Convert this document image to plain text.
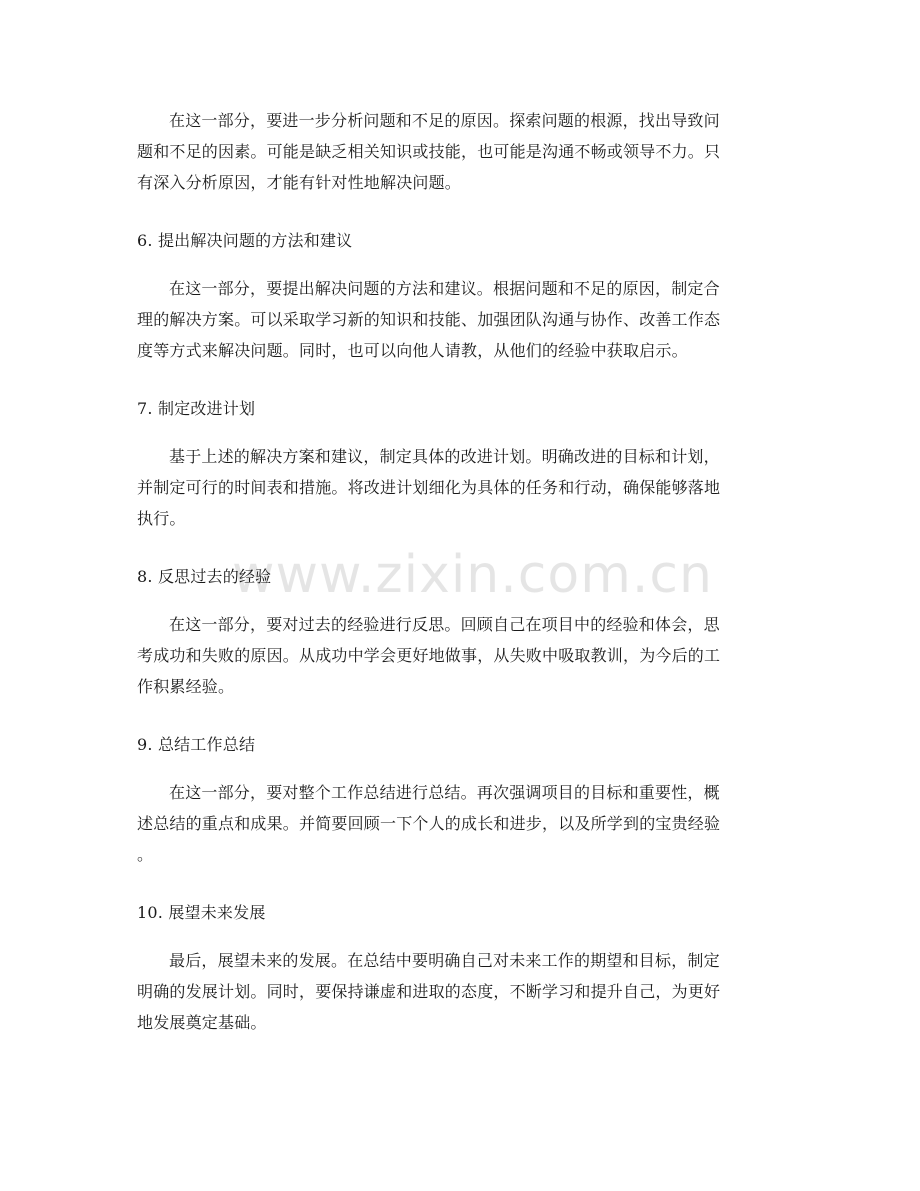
在这一部分，要进一步分析问题和不足的原因。探索问题的根源，找出导致问
题和不足的因素。可能是缺乏相关知识或技能，也可能是沟通不畅或领导不力。只
有深入分析原因，才能有针对性地解决问题。

6. 提出解决问题的方法和建议

在这一部分，要提出解决问题的方法和建议。根据问题和不足的原因，制定合
理的解决方案。可以采取学习新的知识和技能、加强团队沟通与协作、改善工作态
度等方式来解决问题。同时，也可以向他人请教，从他们的经验中获取启示。

7. 制定改进计划

基于上述的解决方案和建议，制定具体的改进计划。明确改进的目标和计划，
并制定可行的时间表和措施。将改进计划细化为具体的任务和行动，确保能够落地
执行。

8. 反思过去的经验

在这一部分，要对过去的经验进行反思。回顾自己在项目中的经验和体会，思
考成功和失败的原因。从成功中学会更好地做事，从失败中吸取教训，为今后的工
作积累经验。

9. 总结工作总结

在这一部分，要对整个工作总结进行总结。再次强调项目的目标和重要性，概
述总结的重点和成果。并简要回顾一下个人的成长和进步，以及所学到的宝贵经验
。

10. 展望未来发展

最后，展望未来的发展。在总结中要明确自己对未来工作的期望和目标，制定
明确的发展计划。同时，要保持谦虚和进取的态度，不断学习和提升自己，为更好
地发展奠定基础。

www.zixin.com.cn
